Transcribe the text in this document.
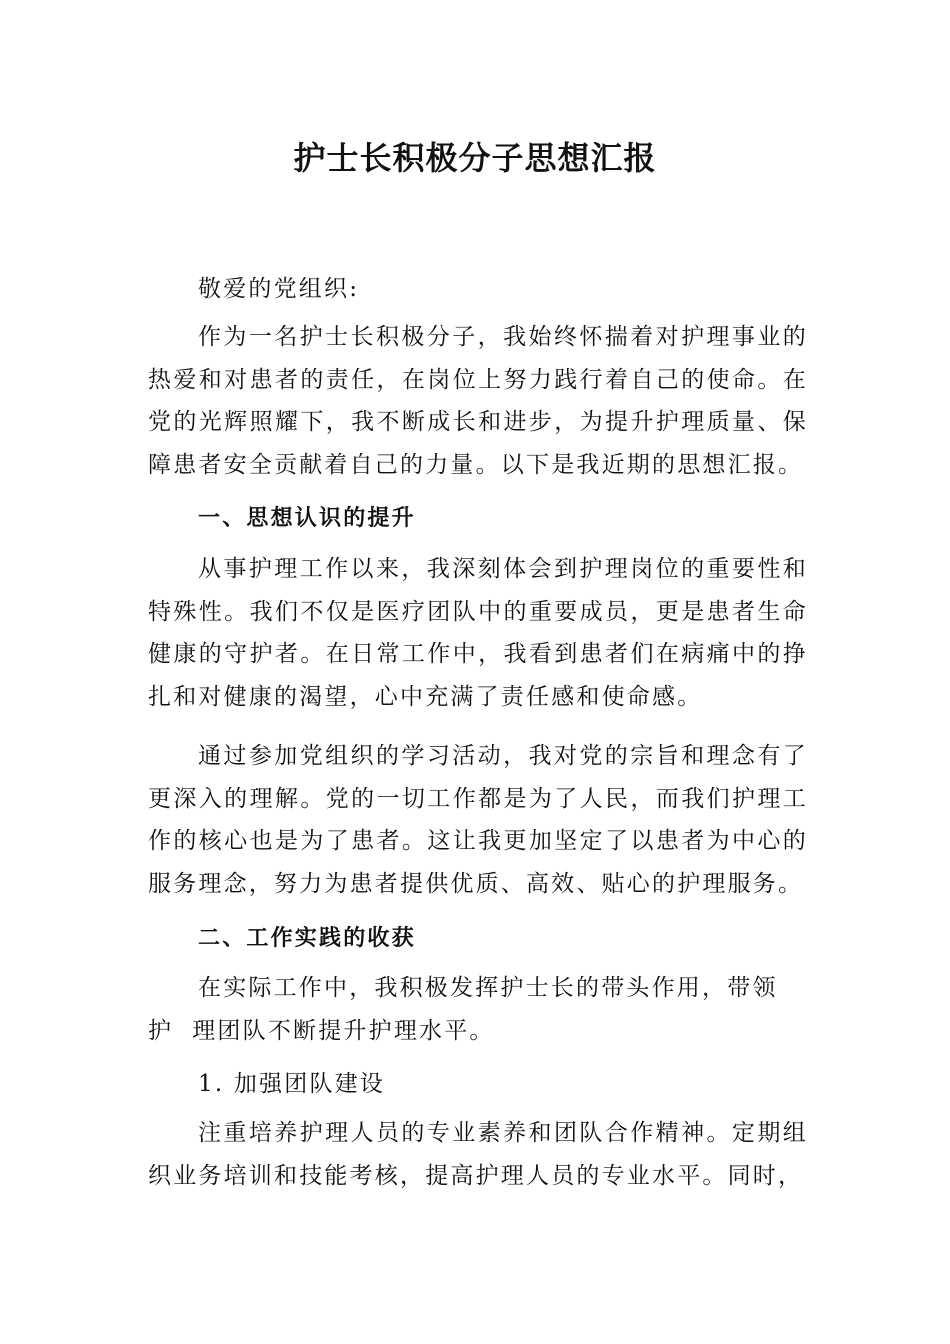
护士长积极分子思想汇报

敬爱的党组织:

作为一名护士长积极分子，我始终怀揣着对护理事业的热爱和对患者的责任，在岗位上努力践行着自己的使命。在党的光辉照耀下，我不断成长和进步，为提升护理质量、保障患者安全贡献着自己的力量。以下是我近期的思想汇报。

一、思想认识的提升

从事护理工作以来，我深刻体会到护理岗位的重要性和特殊性。我们不仅是医疗团队中的重要成员，更是患者生命健康的守护者。在日常工作中，我看到患者们在病痛中的挣扎和对健康的渴望，心中充满了责任感和使命感。

通过参加党组织的学习活动，我对党的宗旨和理念有了更深入的理解。党的一切工作都是为了人民，而我们护理工作的核心也是为了患者。这让我更加坚定了以患者为中心的服务理念，努力为患者提供优质、高效、贴心的护理服务。

二、工作实践的收获

在实际工作中，我积极发挥护士长的带头作用，带领

护  理团队不断提升护理水平。

1. 加强团队建设

注重培养护理人员的专业素养和团队合作精神。定期组织业务培训和技能考核，提高护理人员的专业水平。同时，
